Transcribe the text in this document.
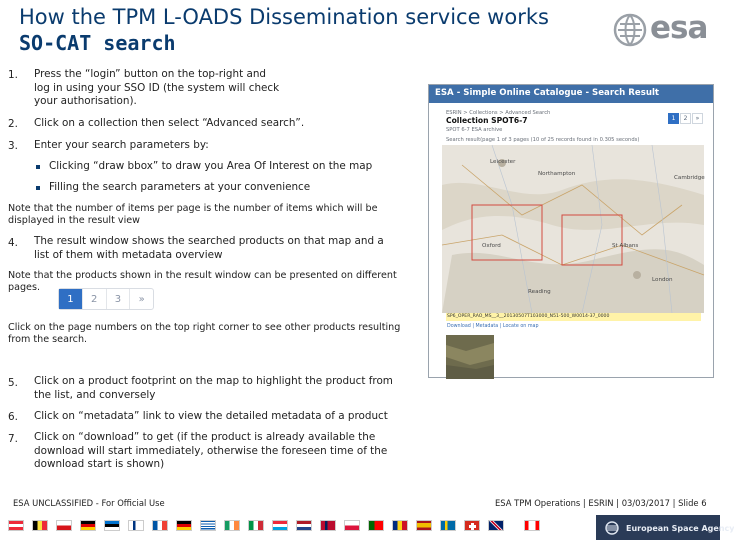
How the TPM L-OADS Dissemination service works
SO-CAT search	esa
1. Press the “login” button on the top-right and
log in using your SSO ID (the system will check
your authorisation).
2. Click on a collection then select “Advanced search”.
3. Enter your search parameters by:
Clicking “draw bbox” to draw you Area Of Interest on the map
Filling the search parameters at your convenience
Note that the number of items per page is the number of items which will be
displayed in the result view
4. The result window shows the searched products on that map and a
list of them with metadata overview
Note that the products shown in the result window can be presented on different
pages.
1	2	3	»
Click on the page numbers on the top right corner to see other products resulting
from the search.
5. Click on a product footprint on the map to highlight the product from
the list, and conversely
6. Click on “metadata” link to view the detailed metadata of a product
7. Click on “download” to get (if the product is already available the
download will start immediately, otherwise the foreseen time of the
download start is shown)
ESA - Simple Online Catalogue - Search Result
ESRIN > Collections > Advanced Search
Collection SPOT6-7
SPOT 6-7 ESA archive
Search result(page 1 of 3 pages (10 of 25 records found in 0.305 seconds)
1	2	»
Leicester
Northampton
Cambridge
Oxford	St Albans
London
Reading
SP6_OPER_RAO_MS__3__20130507T103000_N51-500_W0014-37_0000
Download | Metadata | Locate on map
ESA UNCLASSIFIED - For Official Use	ESA TPM Operations | ESRIN | 03/03/2017 | Slide 6
European Space Agency
